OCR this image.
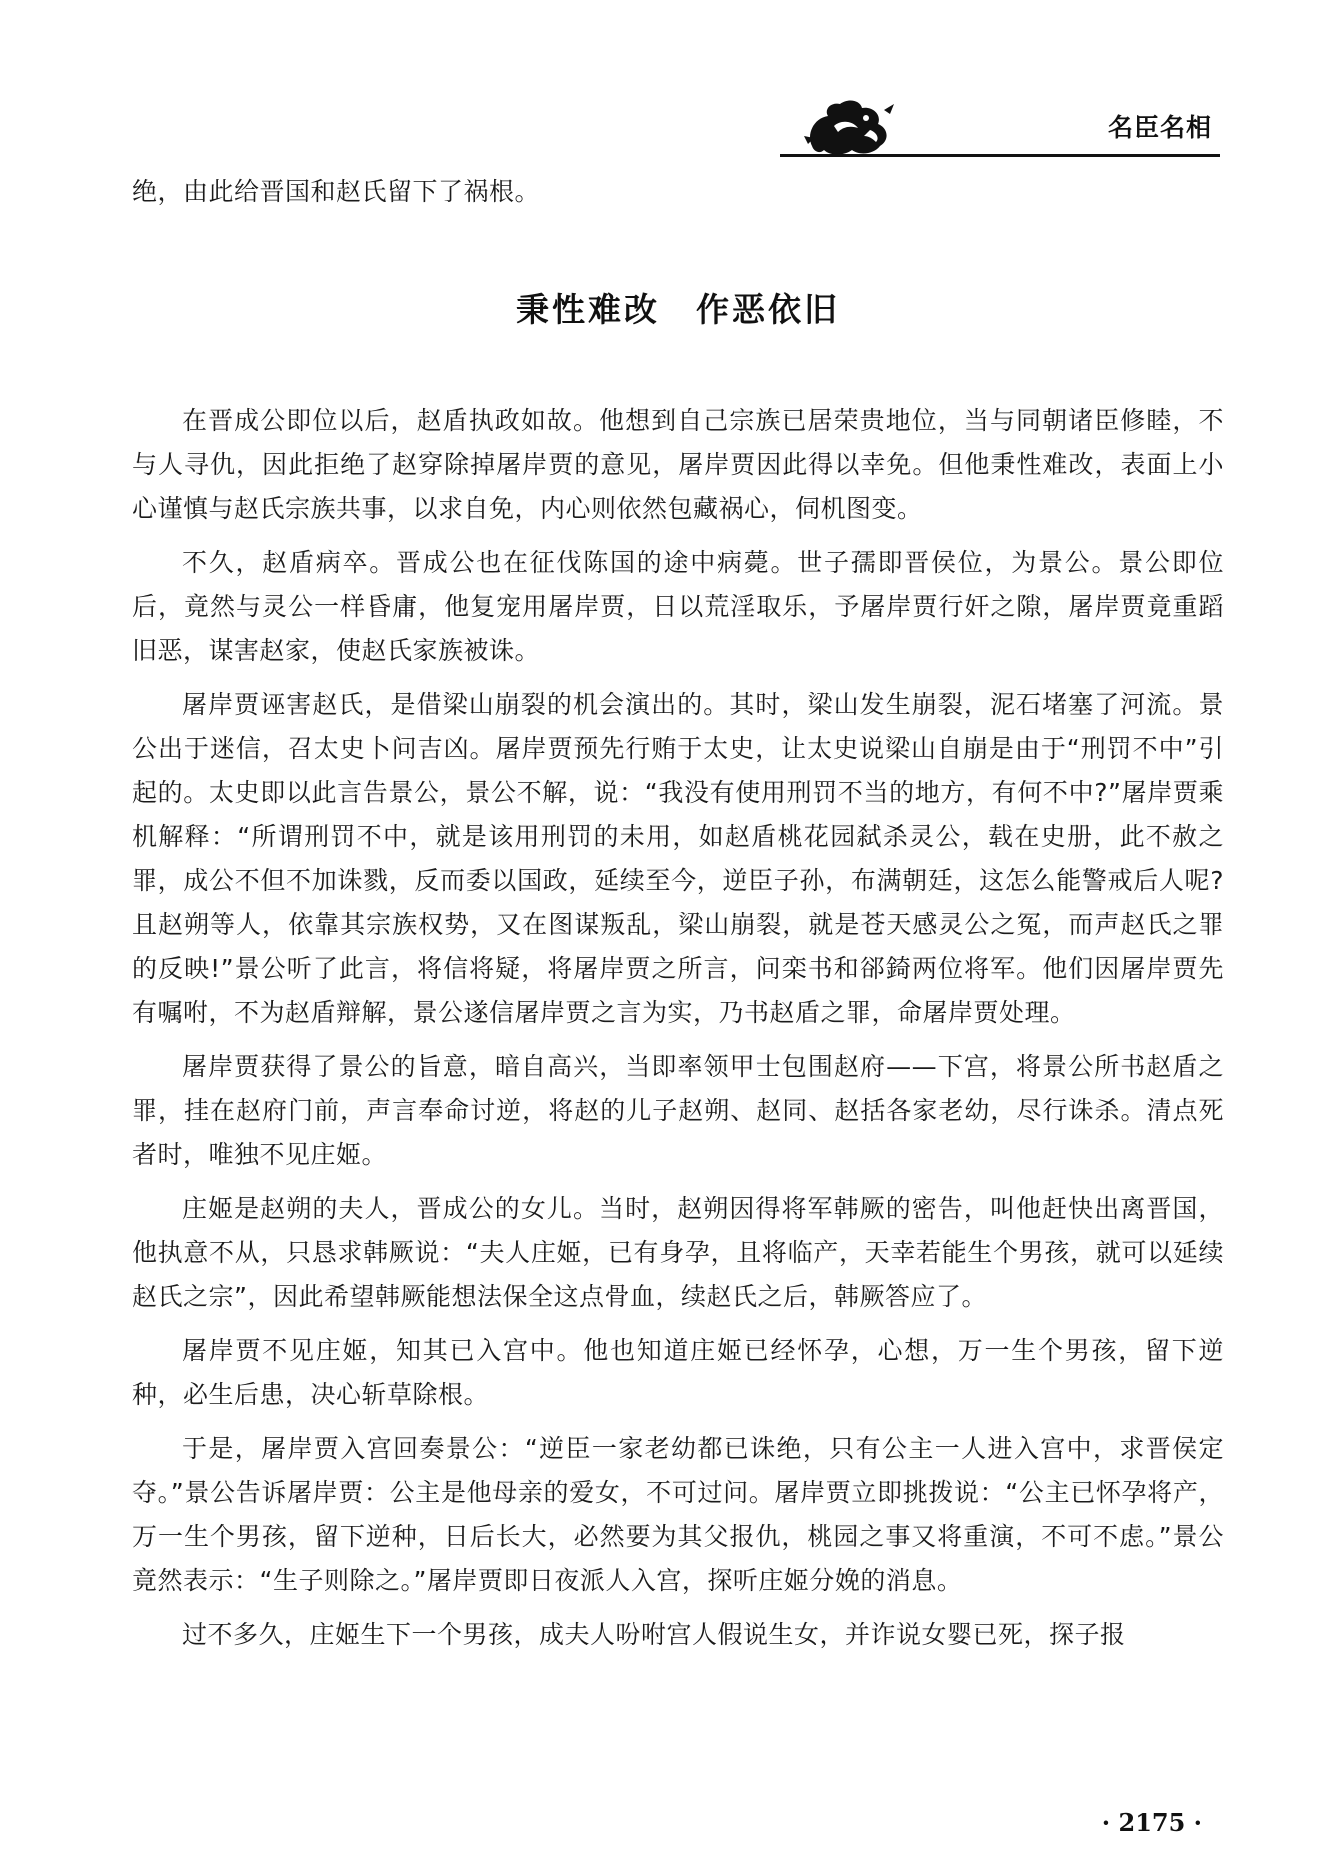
名臣名相

绝，由此给晋国和赵氏留下了祸根。

秉性难改　作恶依旧

在晋成公即位以后，赵盾执政如故。他想到自己宗族已居荣贵地位，当与同朝诸臣修睦，不与人寻仇，因此拒绝了赵穿除掉屠岸贾的意见，屠岸贾因此得以幸免。但他秉性难改，表面上小心谨慎与赵氏宗族共事，以求自免，内心则依然包藏祸心，伺机图变。

不久，赵盾病卒。晋成公也在征伐陈国的途中病薨。世子孺即晋侯位，为景公。景公即位后，竟然与灵公一样昏庸，他复宠用屠岸贾，日以荒淫取乐，予屠岸贾行奸之隙，屠岸贾竟重蹈旧恶，谋害赵家，使赵氏家族被诛。

屠岸贾诬害赵氏，是借梁山崩裂的机会演出的。其时，梁山发生崩裂，泥石堵塞了河流。景公出于迷信，召太史卜问吉凶。屠岸贾预先行贿于太史，让太史说梁山自崩是由于“刑罚不中”引起的。太史即以此言告景公，景公不解，说：“我没有使用刑罚不当的地方，有何不中?”屠岸贾乘机解释：“所谓刑罚不中，就是该用刑罚的未用，如赵盾桃花园弑杀灵公，载在史册，此不赦之罪，成公不但不加诛戮，反而委以国政，延续至今，逆臣子孙，布满朝廷，这怎么能警戒后人呢? 且赵朔等人，依靠其宗族权势，又在图谋叛乱，梁山崩裂，就是苍天感灵公之冤，而声赵氏之罪的反映!”景公听了此言，将信将疑，将屠岸贾之所言，问栾书和郤錡两位将军。他们因屠岸贾先有嘱咐，不为赵盾辩解，景公遂信屠岸贾之言为实，乃书赵盾之罪，命屠岸贾处理。

屠岸贾获得了景公的旨意，暗自高兴，当即率领甲士包围赵府——下宫，将景公所书赵盾之罪，挂在赵府门前，声言奉命讨逆，将赵的儿子赵朔、赵同、赵括各家老幼，尽行诛杀。清点死者时，唯独不见庄姬。

庄姬是赵朔的夫人，晋成公的女儿。当时，赵朔因得将军韩厥的密告，叫他赶快出离晋国，他执意不从，只恳求韩厥说：“夫人庄姬，已有身孕，且将临产，天幸若能生个男孩，就可以延续赵氏之宗”，因此希望韩厥能想法保全这点骨血，续赵氏之后，韩厥答应了。

屠岸贾不见庄姬，知其已入宫中。他也知道庄姬已经怀孕，心想，万一生个男孩，留下逆种，必生后患，决心斩草除根。

于是，屠岸贾入宫回奏景公：“逆臣一家老幼都已诛绝，只有公主一人进入宫中，求晋侯定夺。”景公告诉屠岸贾：公主是他母亲的爱女，不可过问。屠岸贾立即挑拨说：“公主已怀孕将产，万一生个男孩，留下逆种，日后长大，必然要为其父报仇，桃园之事又将重演，不可不虑。”景公竟然表示：“生子则除之。”屠岸贾即日夜派人入宫，探听庄姬分娩的消息。

过不多久，庄姬生下一个男孩，成夫人吩咐宫人假说生女，并诈说女婴已死，探子报

· 2175 ·
